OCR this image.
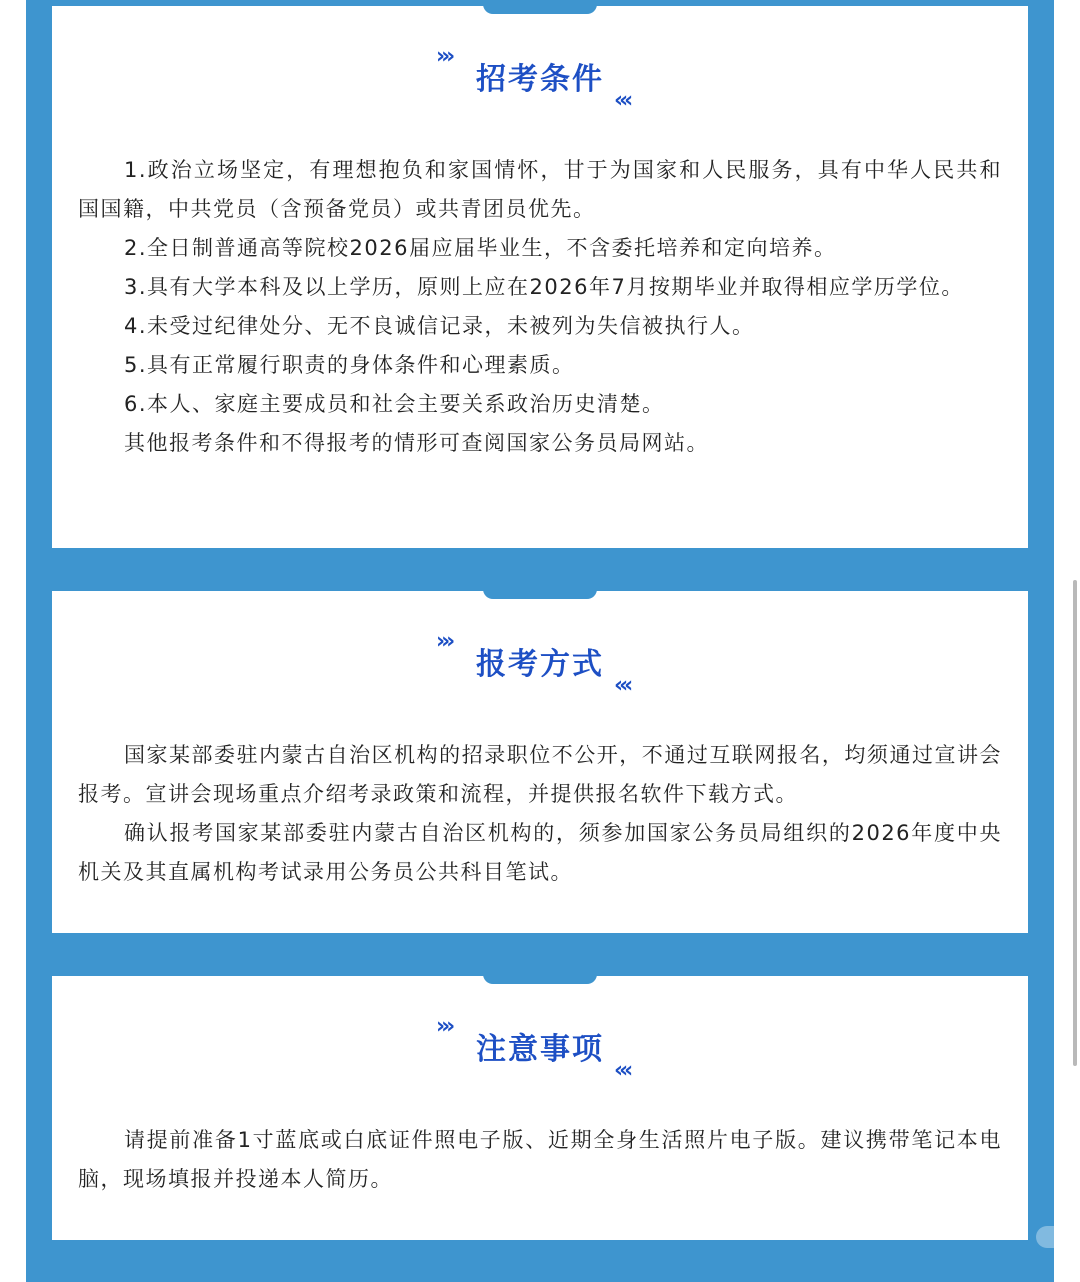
›››
招考条件
‹‹‹

1.政治立场坚定，有理想抱负和家国情怀，甘于为国家和人民服务，具有中华人民共和国国籍，中共党员（含预备党员）或共青团员优先。

2.全日制普通高等院校2026届应届毕业生，不含委托培养和定向培养。

3.具有大学本科及以上学历，原则上应在2026年7月按期毕业并取得相应学历学位。

4.未受过纪律处分、无不良诚信记录，未被列为失信被执行人。

5.具有正常履行职责的身体条件和心理素质。

6.本人、家庭主要成员和社会主要关系政治历史清楚。

其他报考条件和不得报考的情形可查阅国家公务员局网站。

›››
报考方式
‹‹‹

国家某部委驻内蒙古自治区机构的招录职位不公开，不通过互联网报名，均须通过宣讲会报考。宣讲会现场重点介绍考录政策和流程，并提供报名软件下载方式。

确认报考国家某部委驻内蒙古自治区机构的，须参加国家公务员局组织的2026年度中央机关及其直属机构考试录用公务员公共科目笔试。

›››
注意事项
‹‹‹

请提前准备1寸蓝底或白底证件照电子版、近期全身生活照片电子版。建议携带笔记本电脑，现场填报并投递本人简历。
